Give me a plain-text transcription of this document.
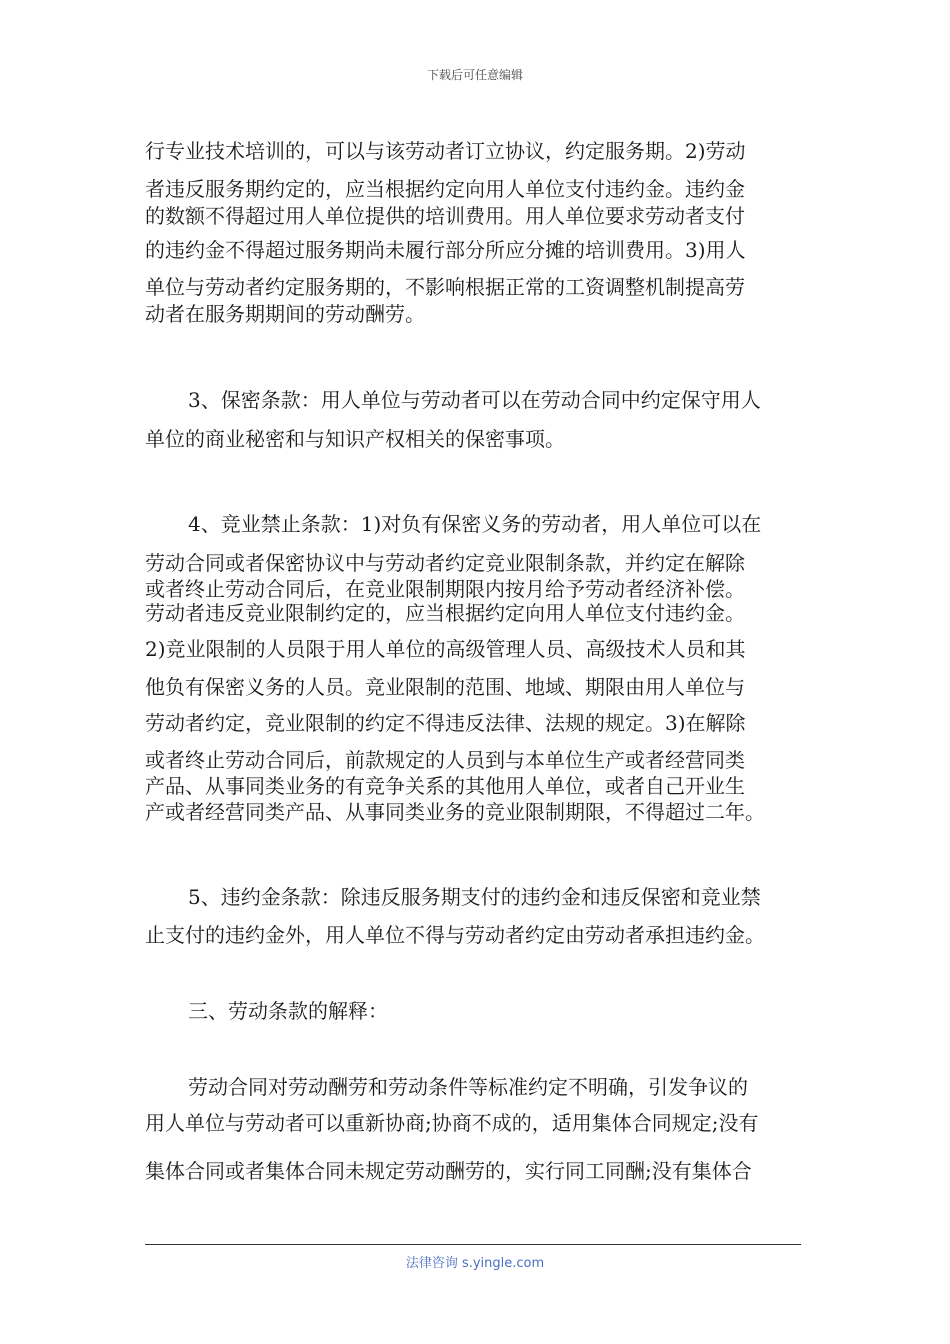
下载后可任意编辑
行专业技术培训的，可以与该劳动者订立协议，约定服务期。2)劳动
者违反服务期约定的，应当根据约定向用人单位支付违约金。违约金
的数额不得超过用人单位提供的培训费用。用人单位要求劳动者支付
的违约金不得超过服务期尚未履行部分所应分摊的培训费用。3)用人
单位与劳动者约定服务期的，不影响根据正常的工资调整机制提高劳
动者在服务期期间的劳动酬劳。
3、保密条款：用人单位与劳动者可以在劳动合同中约定保守用人
单位的商业秘密和与知识产权相关的保密事项。
4、竞业禁止条款：1)对负有保密义务的劳动者，用人单位可以在
劳动合同或者保密协议中与劳动者约定竞业限制条款，并约定在解除
或者终止劳动合同后，在竞业限制期限内按月给予劳动者经济补偿。
劳动者违反竞业限制约定的，应当根据约定向用人单位支付违约金。
2)竞业限制的人员限于用人单位的高级管理人员、高级技术人员和其
他负有保密义务的人员。竞业限制的范围、地域、期限由用人单位与
劳动者约定，竞业限制的约定不得违反法律、法规的规定。3)在解除
或者终止劳动合同后，前款规定的人员到与本单位生产或者经营同类
产品、从事同类业务的有竞争关系的其他用人单位，或者自己开业生
产或者经营同类产品、从事同类业务的竞业限制期限，不得超过二年。
5、违约金条款：除违反服务期支付的违约金和违反保密和竞业禁
止支付的违约金外，用人单位不得与劳动者约定由劳动者承担违约金。
三、劳动条款的解释：
劳动合同对劳动酬劳和劳动条件等标准约定不明确，引发争议的
用人单位与劳动者可以重新协商;协商不成的，适用集体合同规定;没有
集体合同或者集体合同未规定劳动酬劳的，实行同工同酬;没有集体合
法律咨询 s.yingle.com
